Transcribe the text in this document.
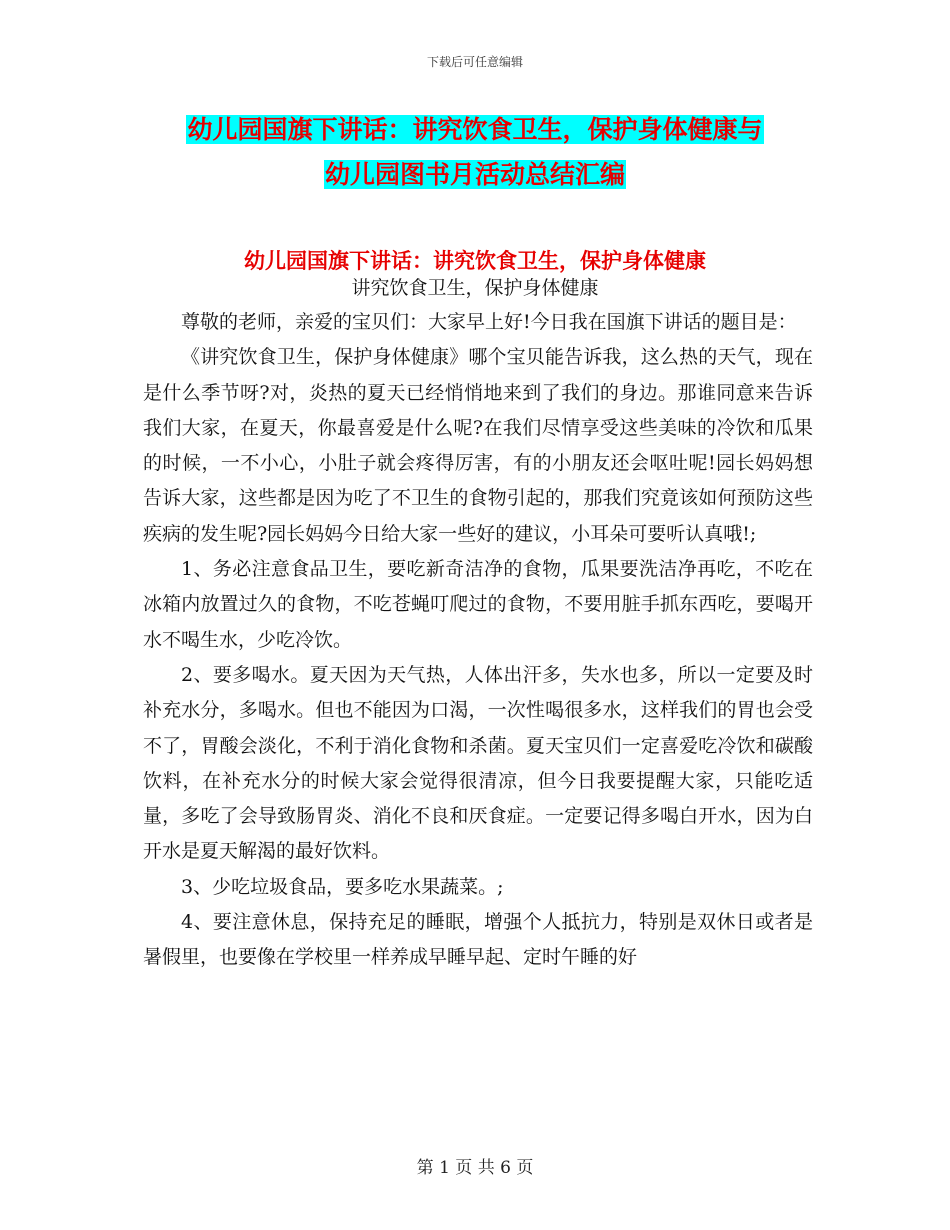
下载后可任意编辑
幼儿园国旗下讲话：讲究饮食卫生，保护身体健康与
幼儿园图书月活动总结汇编
幼儿园国旗下讲话：讲究饮食卫生，保护身体健康
讲究饮食卫生，保护身体健康

尊敬的老师，亲爱的宝贝们：大家早上好!今日我在国旗下讲话的题目是：

《讲究饮食卫生，保护身体健康》哪个宝贝能告诉我，这么热的天气，现在是什么季节呀?对，炎热的夏天已经悄悄地来到了我们的身边。那谁同意来告诉我们大家，在夏天，你最喜爱是什么呢?在我们尽情享受这些美味的冷饮和瓜果的时候，一不小心，小肚子就会疼得厉害，有的小朋友还会呕吐呢!园长妈妈想告诉大家，这些都是因为吃了不卫生的食物引起的，那我们究竟该如何预防这些疾病的发生呢?园长妈妈今日给大家一些好的建议，小耳朵可要听认真哦!;

1、务必注意食品卫生，要吃新奇洁净的食物，瓜果要洗洁净再吃，不吃在冰箱内放置过久的食物，不吃苍蝇叮爬过的食物，不要用脏手抓东西吃，要喝开水不喝生水，少吃冷饮。

2、要多喝水。夏天因为天气热，人体出汗多，失水也多，所以一定要及时补充水分，多喝水。但也不能因为口渴，一次性喝很多水，这样我们的胃也会受不了，胃酸会淡化，不利于消化食物和杀菌。夏天宝贝们一定喜爱吃冷饮和碳酸饮料，在补充水分的时候大家会觉得很清凉，但今日我要提醒大家，只能吃适量，多吃了会导致肠胃炎、消化不良和厌食症。一定要记得多喝白开水，因为白开水是夏天解渴的最好饮料。

3、少吃垃圾食品，要多吃水果蔬菜。;

4、要注意休息，保持充足的睡眠，增强个人抵抗力，特别是双休日或者是暑假里，也要像在学校里一样养成早睡早起、定时午睡的好

第 1 页 共 6 页
